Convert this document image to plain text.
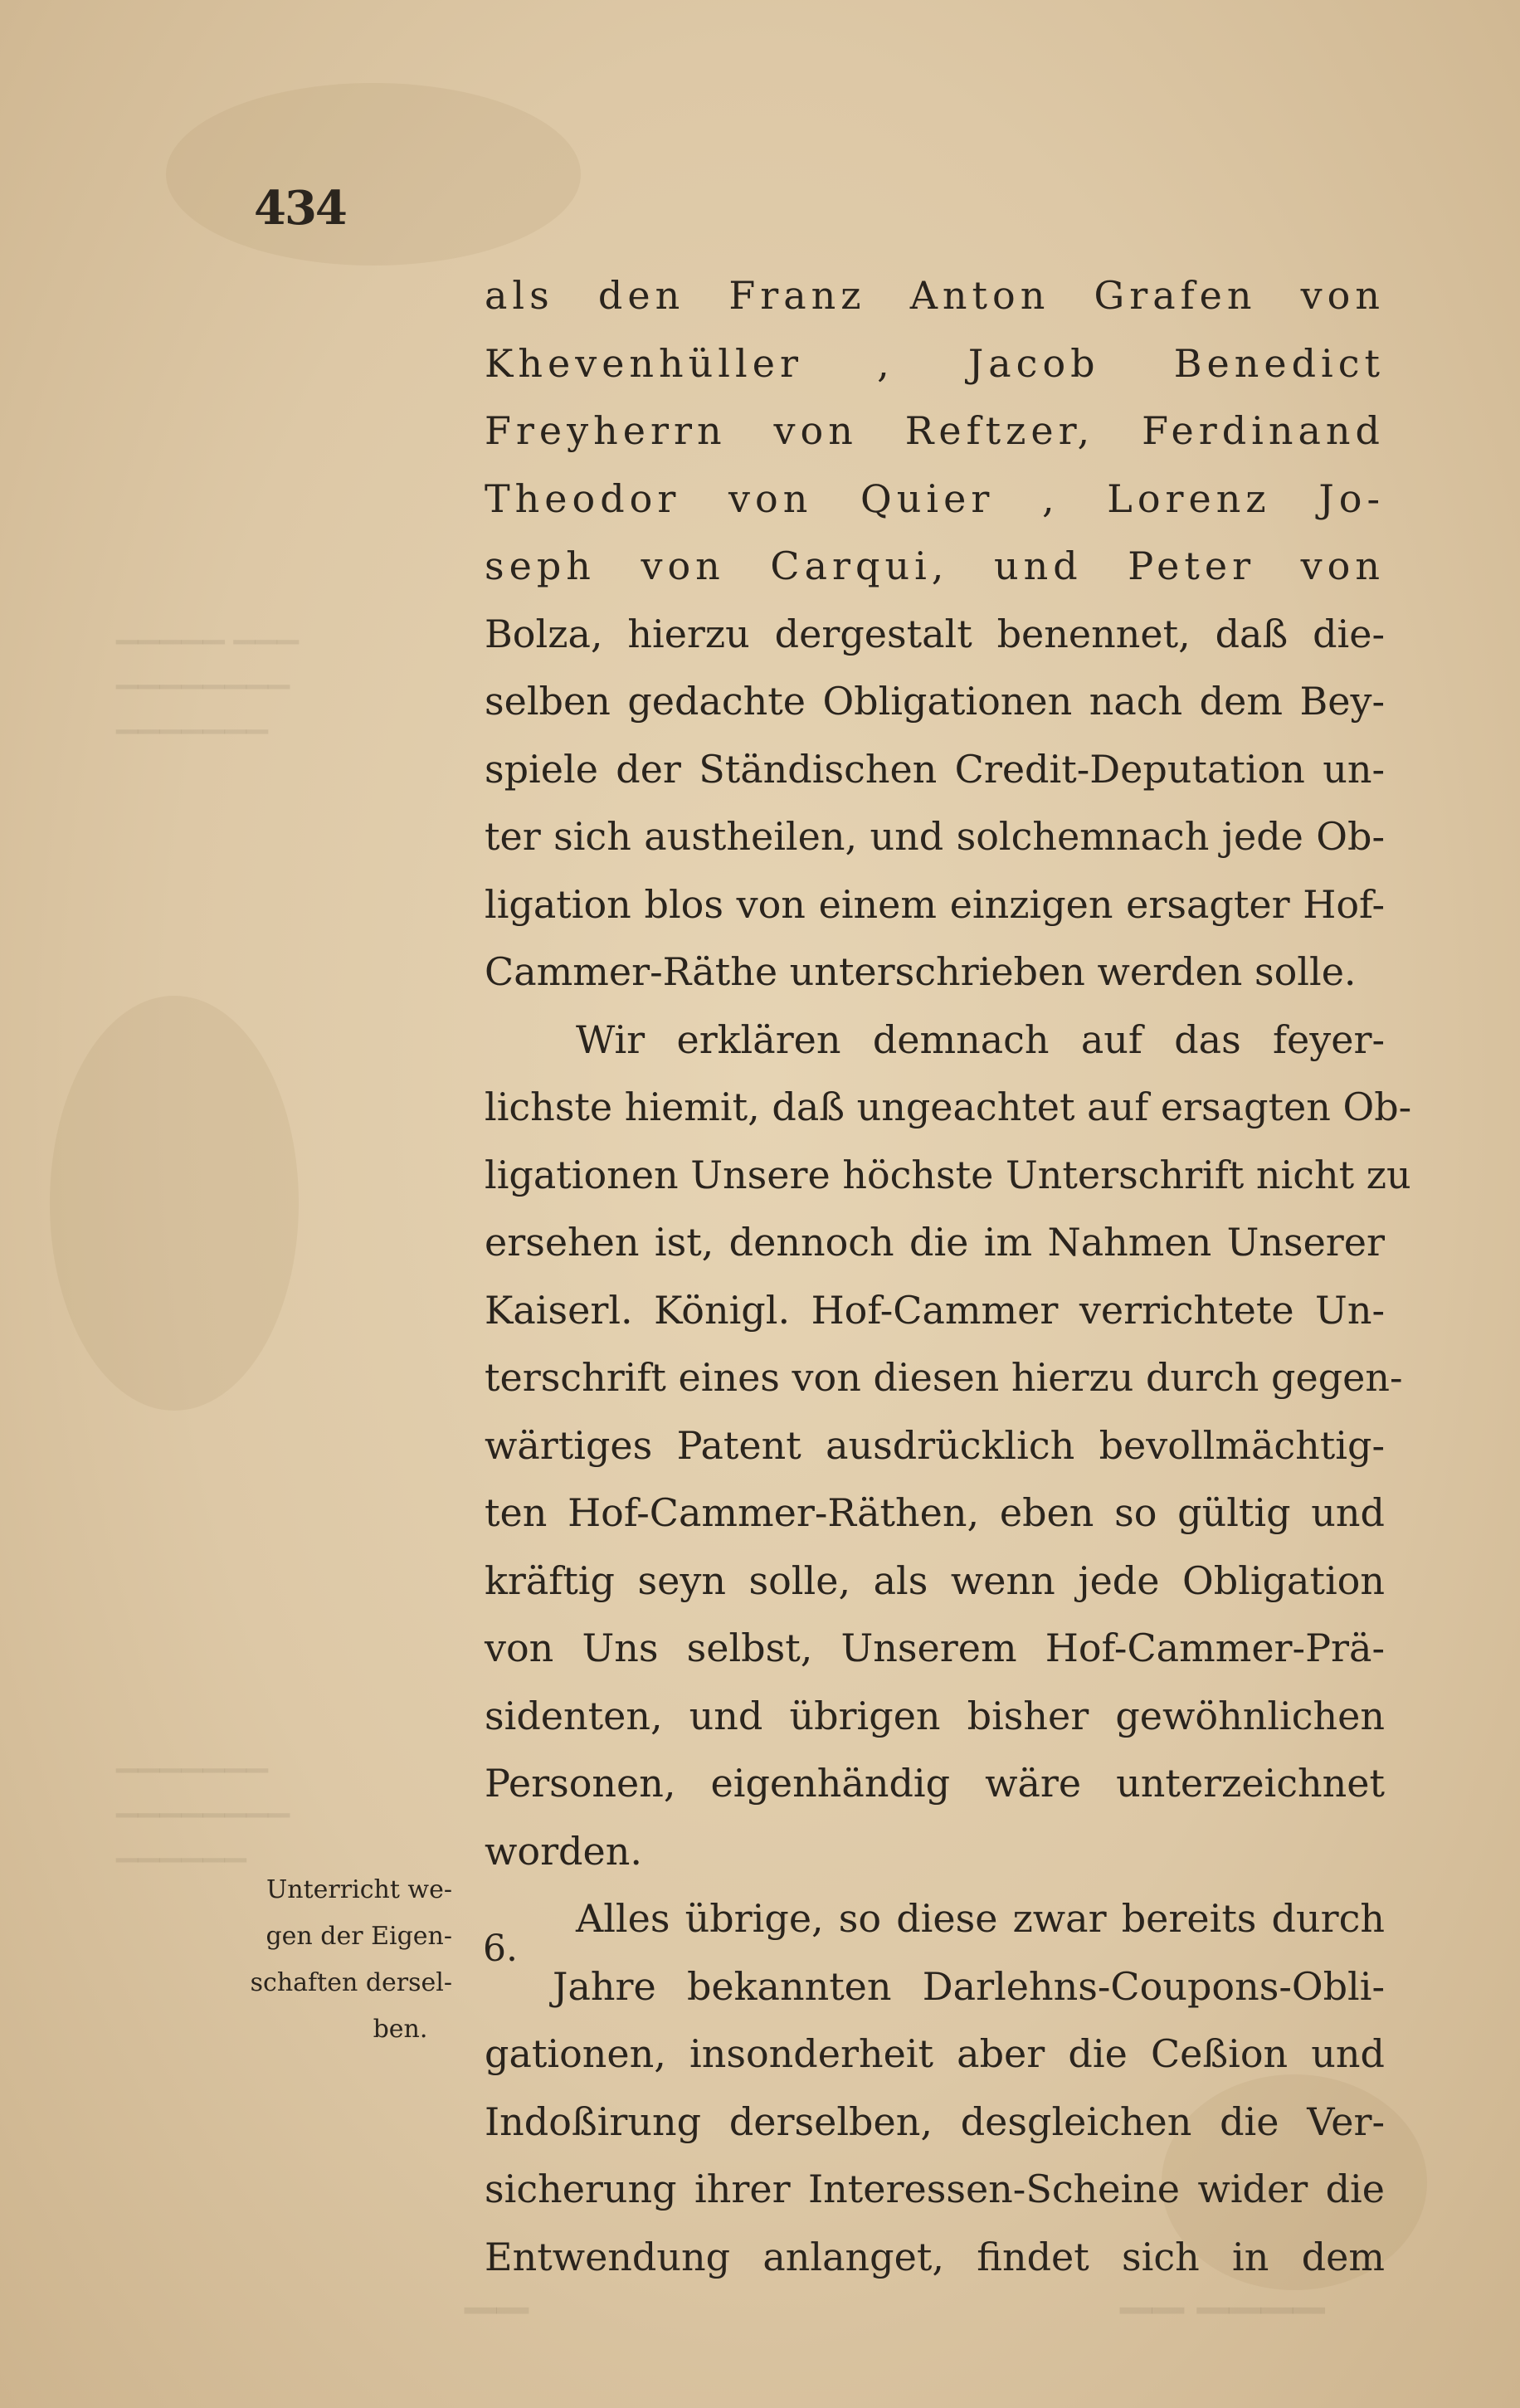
▁▁▁▁▁ ▁▁▁
▁▁▁▁▁▁▁▁
▁▁▁▁▁▁▁
▁▁▁▁▁▁▁
▁▁▁▁▁▁▁▁
▁▁▁▁▁▁
▁▁	▁▁ ▁▁▁▁
434
als den Franz Anton Grafen von
Khevenhüller , Jacob Benedict
Freyherrn von Reftzer, Ferdinand
Theodor von Quier , Lorenz Jo-
seph von Carqui, und Peter von
Bolza, hierzu dergestalt benennet, daß die-
selben gedachte Obligationen nach dem Bey-
spiele der Ständischen Credit-Deputation un-
ter sich austheilen, und solchemnach jede Ob-
ligation blos von einem einzigen ersagter Hof-
Cammer-Räthe unterschrieben werden solle.
Wir erklären demnach auf das feyer-
lichste hiemit, daß ungeachtet auf ersagten Ob-
ligationen Unsere höchste Unterschrift nicht zu
ersehen ist, dennoch die im Nahmen Unserer
Kaiserl. Königl. Hof-Cammer verrichtete Un-
terschrift eines von diesen hierzu durch gegen-
wärtiges Patent ausdrücklich bevollmächtig-
ten Hof-Cammer-Räthen, eben so gültig und
kräftig seyn solle, als wenn jede Obligation
von Uns selbst, Unserem Hof-Cammer-Prä-
sidenten, und übrigen bisher gewöhnlichen
Personen, eigenhändig wäre unterzeichnet
worden.
Alles übrige, so diese zwar bereits durch
Jahre bekannten Darlehns-Coupons-Obli-
gationen, insonderheit aber die Ceßion und
Indoßirung derselben, desgleichen die Ver-
sicherung ihrer Interessen-Scheine wider die
Entwendung anlanget, findet sich in dem
6.
Unterricht we-
gen der Eigen-
schaften dersel-
ben.
